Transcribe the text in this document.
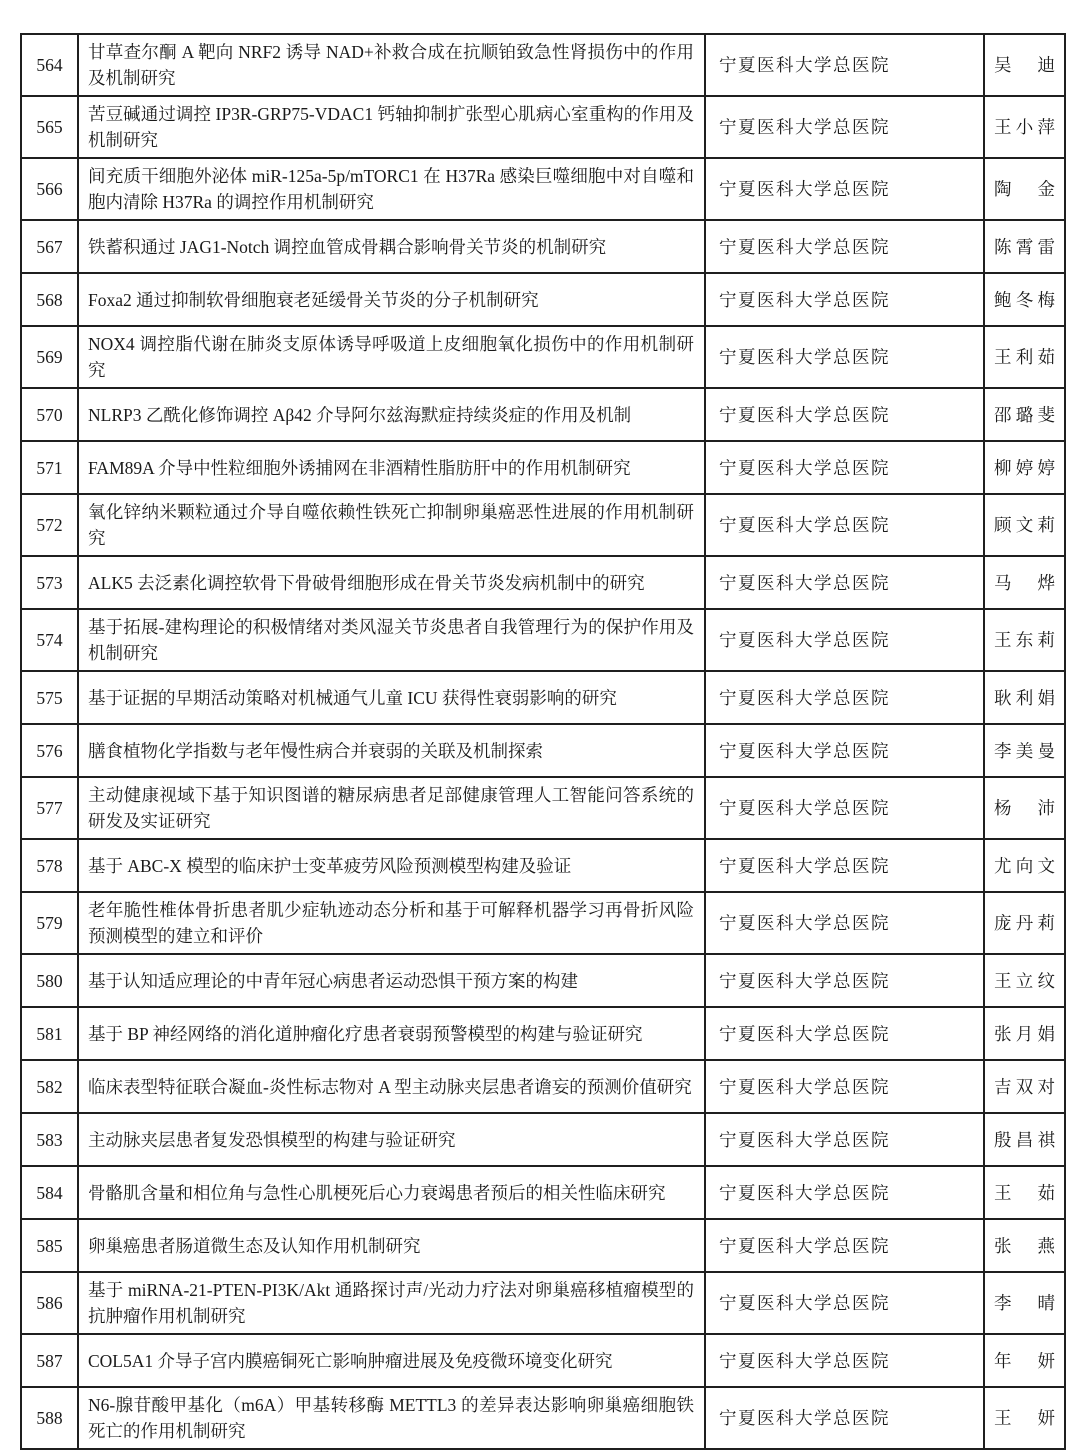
564	甘草查尔酮 A 靶向 NRF2 诱导 NAD+补救合成在抗顺铂致急性肾损伤中的作用及机制研究	宁夏医科大学总医院	吴迪
565	苦豆碱通过调控 IP3R-GRP75-VDAC1 钙轴抑制扩张型心肌病心室重构的作用及机制研究	宁夏医科大学总医院	王小萍
566	间充质干细胞外泌体 miR-125a-5p/mTORC1 在 H37Ra 感染巨噬细胞中对自噬和胞内清除 H37Ra 的调控作用机制研究	宁夏医科大学总医院	陶金
567	铁蓄积通过 JAG1-Notch 调控血管成骨耦合影响骨关节炎的机制研究	宁夏医科大学总医院	陈霄雷
568	Foxa2 通过抑制软骨细胞衰老延缓骨关节炎的分子机制研究	宁夏医科大学总医院	鲍冬梅
569	NOX4 调控脂代谢在肺炎支原体诱导呼吸道上皮细胞氧化损伤中的作用机制研究	宁夏医科大学总医院	王利茹
570	NLRP3 乙酰化修饰调控 Aβ42 介导阿尔兹海默症持续炎症的作用及机制	宁夏医科大学总医院	邵璐斐
571	FAM89A 介导中性粒细胞外诱捕网在非酒精性脂肪肝中的作用机制研究	宁夏医科大学总医院	柳婷婷
572	氧化锌纳米颗粒通过介导自噬依赖性铁死亡抑制卵巢癌恶性进展的作用机制研究	宁夏医科大学总医院	顾文莉
573	ALK5 去泛素化调控软骨下骨破骨细胞形成在骨关节炎发病机制中的研究	宁夏医科大学总医院	马烨
574	基于拓展-建构理论的积极情绪对类风湿关节炎患者自我管理行为的保护作用及机制研究	宁夏医科大学总医院	王东莉
575	基于证据的早期活动策略对机械通气儿童 ICU 获得性衰弱影响的研究	宁夏医科大学总医院	耿利娟
576	膳食植物化学指数与老年慢性病合并衰弱的关联及机制探索	宁夏医科大学总医院	李美曼
577	主动健康视域下基于知识图谱的糖尿病患者足部健康管理人工智能问答系统的研发及实证研究	宁夏医科大学总医院	杨沛
578	基于 ABC-X 模型的临床护士变革疲劳风险预测模型构建及验证	宁夏医科大学总医院	尤向文
579	老年脆性椎体骨折患者肌少症轨迹动态分析和基于可解释机器学习再骨折风险预测模型的建立和评价	宁夏医科大学总医院	庞丹莉
580	基于认知适应理论的中青年冠心病患者运动恐惧干预方案的构建	宁夏医科大学总医院	王立纹
581	基于 BP 神经网络的消化道肿瘤化疗患者衰弱预警模型的构建与验证研究	宁夏医科大学总医院	张月娟
582	临床表型特征联合凝血-炎性标志物对 A 型主动脉夹层患者谵妄的预测价值研究	宁夏医科大学总医院	吉双对
583	主动脉夹层患者复发恐惧模型的构建与验证研究	宁夏医科大学总医院	殷昌祺
584	骨骼肌含量和相位角与急性心肌梗死后心力衰竭患者预后的相关性临床研究	宁夏医科大学总医院	王茹
585	卵巢癌患者肠道微生态及认知作用机制研究	宁夏医科大学总医院	张燕
586	基于 miRNA-21-PTEN-PI3K/Akt 通路探讨声/光动力疗法对卵巢癌移植瘤模型的抗肿瘤作用机制研究	宁夏医科大学总医院	李晴
587	COL5A1 介导子宫内膜癌铜死亡影响肿瘤进展及免疫微环境变化研究	宁夏医科大学总医院	年妍
588	N6-腺苷酸甲基化（m6A）甲基转移酶 METTL3 的差异表达影响卵巢癌细胞铁死亡的作用机制研究	宁夏医科大学总医院	王妍
